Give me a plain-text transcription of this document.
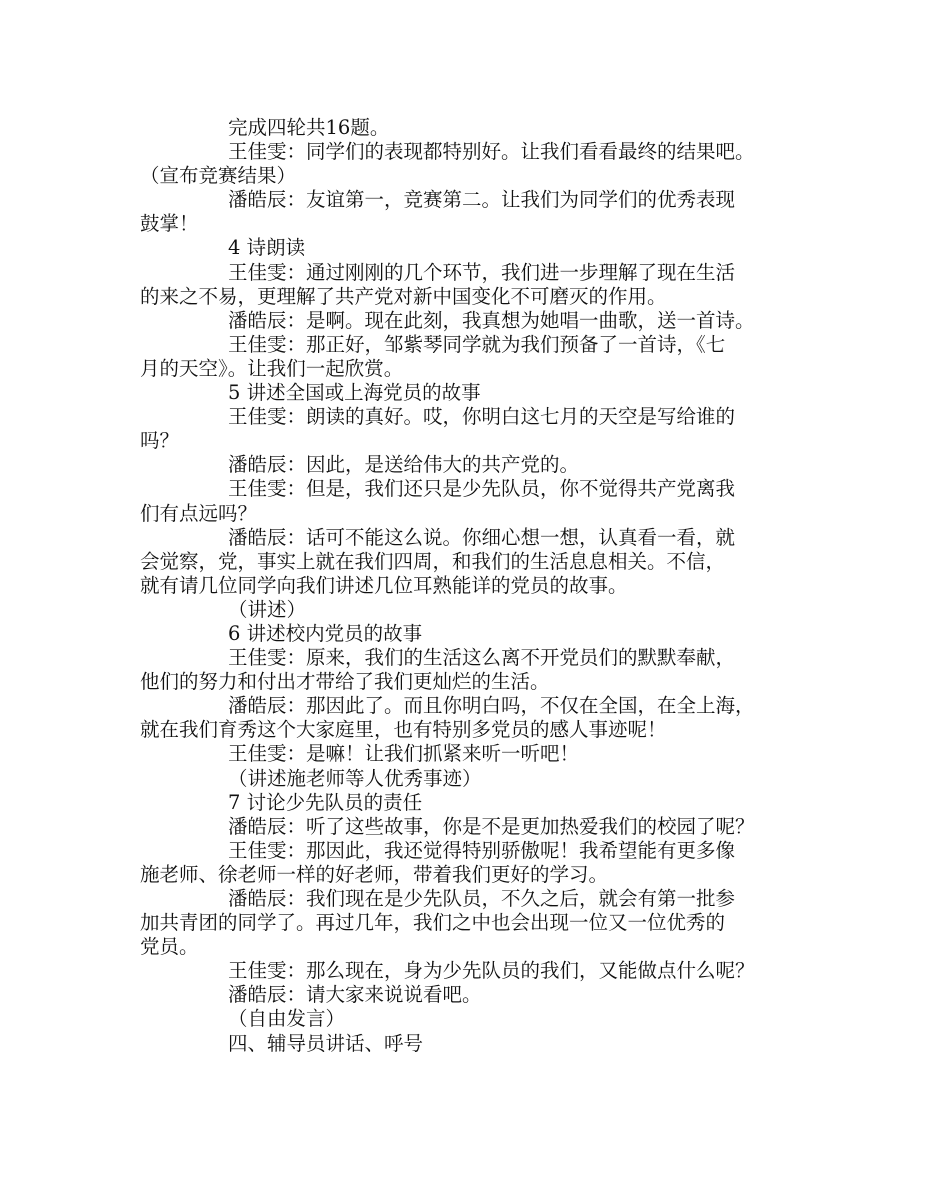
完成四轮共16题。
王佳雯：同学们的表现都特别好。让我们看看最终的结果吧。
（宣布竞赛结果）
潘皓辰：友谊第一，竞赛第二。让我们为同学们的优秀表现
鼓掌！
4 诗朗读
王佳雯：通过刚刚的几个环节，我们进一步理解了现在生活
的来之不易，更理解了共产党对新中国变化不可磨灭的作用。
潘皓辰：是啊。现在此刻，我真想为她唱一曲歌，送一首诗。
王佳雯：那正好，邹紫琴同学就为我们预备了一首诗，《七
月的天空》。让我们一起欣赏。
5 讲述全国或上海党员的故事
王佳雯：朗读的真好。哎，你明白这七月的天空是写给谁的
吗？
潘皓辰：因此，是送给伟大的共产党的。
王佳雯：但是，我们还只是少先队员，你不觉得共产党离我
们有点远吗？
潘皓辰：话可不能这么说。你细心想一想，认真看一看，就
会觉察，党，事实上就在我们四周，和我们的生活息息相关。不信，
就有请几位同学向我们讲述几位耳熟能详的党员的故事。
（讲述）
6 讲述校内党员的故事
王佳雯：原来，我们的生活这么离不开党员们的默默奉献，
他们的努力和付出才带给了我们更灿烂的生活。
潘皓辰：那因此了。而且你明白吗，不仅在全国，在全上海，
就在我们育秀这个大家庭里，也有特别多党员的感人事迹呢！
王佳雯：是嘛！让我们抓紧来听一听吧！
（讲述施老师等人优秀事迹）
7 讨论少先队员的责任
潘皓辰：听了这些故事，你是不是更加热爱我们的校园了呢？
王佳雯：那因此，我还觉得特别骄傲呢！我希望能有更多像
施老师、徐老师一样的好老师，带着我们更好的学习。
潘皓辰：我们现在是少先队员，不久之后，就会有第一批参
加共青团的同学了。再过几年，我们之中也会出现一位又一位优秀的
党员。
王佳雯：那么现在，身为少先队员的我们，又能做点什么呢？
潘皓辰：请大家来说说看吧。
（自由发言）
四、辅导员讲话、呼号
